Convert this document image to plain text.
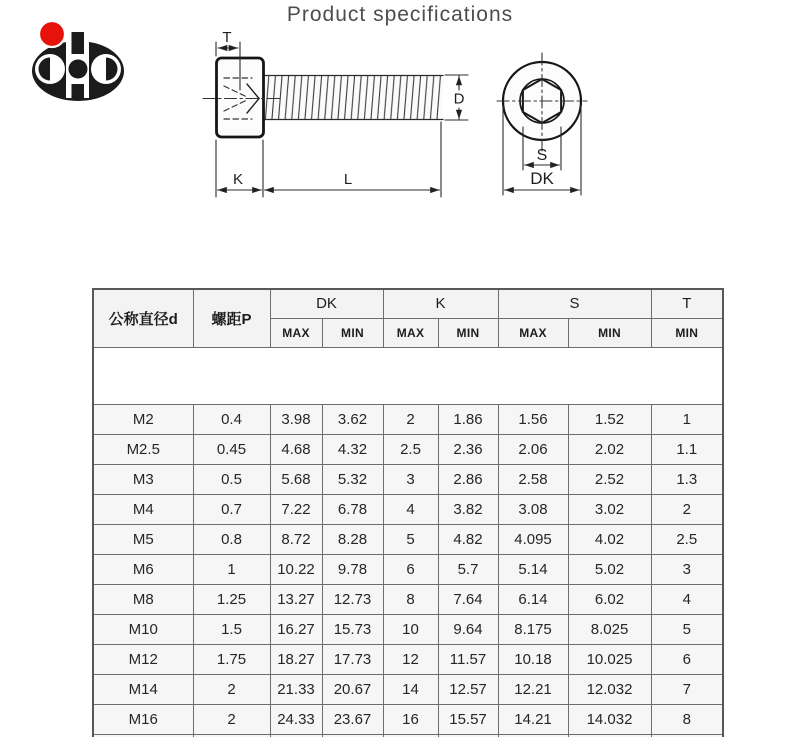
Product specifications
T
D
K	L
S
DK
公称直径d	螺距P	DK		K		S		T
		MAX	MIN	MAX	MIN	MAX	MIN	MIN

M2	0.4	3.98	3.62	2	1.86	1.56	1.52	1
M2.5	0.45	4.68	4.32	2.5	2.36	2.06	2.02	1.1
M3	0.5	5.68	5.32	3	2.86	2.58	2.52	1.3
M4	0.7	7.22	6.78	4	3.82	3.08	3.02	2
M5	0.8	8.72	8.28	5	4.82	4.095	4.02	2.5
M6	1	10.22	9.78	6	5.7	5.14	5.02	3
M8	1.25	13.27	12.73	8	7.64	6.14	6.02	4
M10	1.5	16.27	15.73	10	9.64	8.175	8.025	5
M12	1.75	18.27	17.73	12	11.57	10.18	10.025	6
M14	2	21.33	20.67	14	12.57	12.21	12.032	7
M16	2	24.33	23.67	16	15.57	14.21	14.032	8
